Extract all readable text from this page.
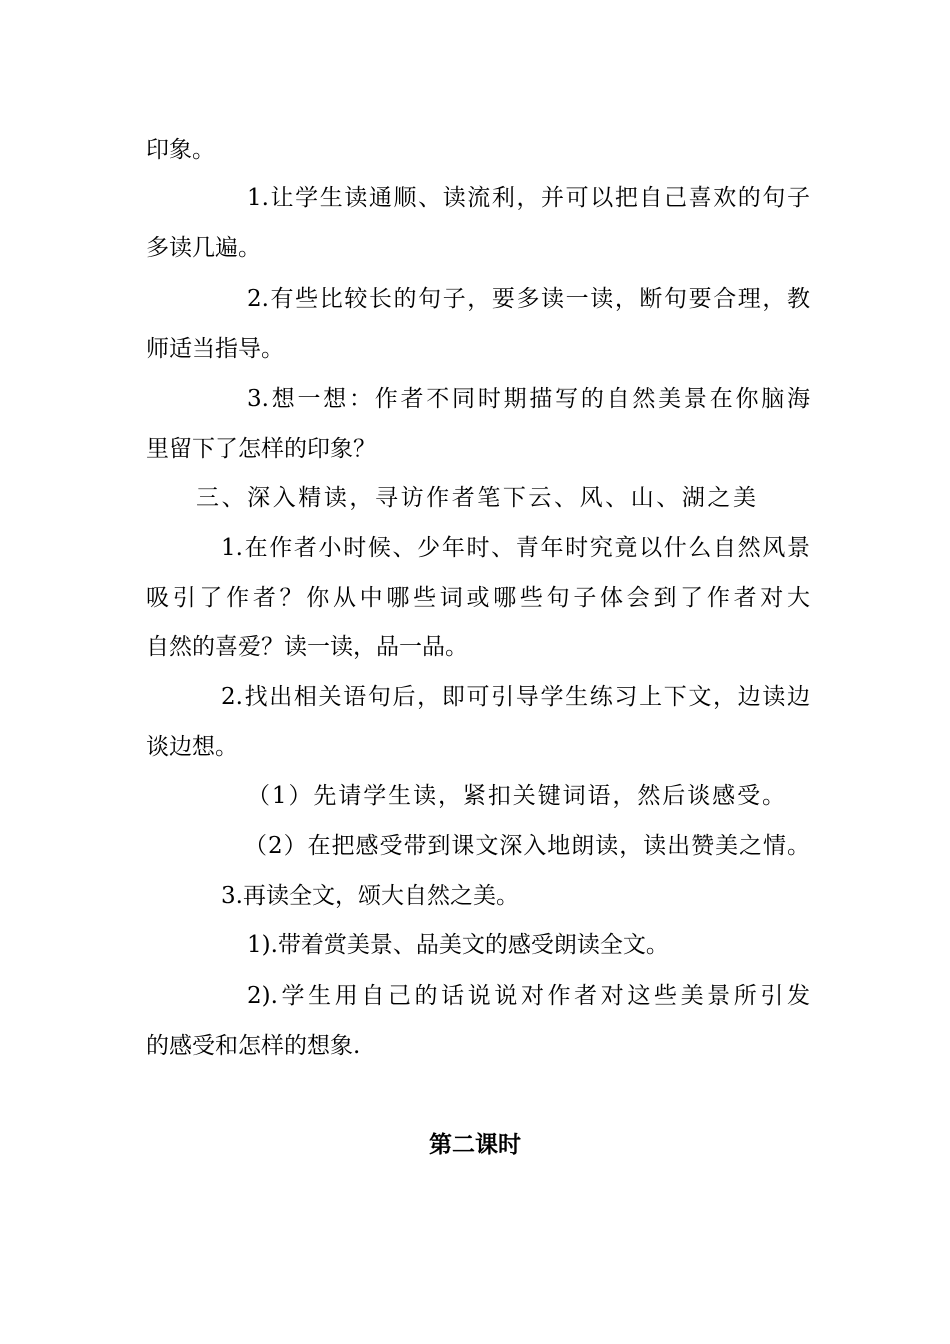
印象。
1.让学生读通顺、读流利，并可以把自己喜欢的句子
多读几遍。
2.有些比较长的句子，要多读一读，断句要合理，教
师适当指导。
3.想一想：作者不同时期描写的自然美景在你脑海
里留下了怎样的印象？
三、深入精读，寻访作者笔下云、风、山、湖之美
1.在作者小时候、少年时、青年时究竟以什么自然风景
吸引了作者？你从中哪些词或哪些句子体会到了作者对大
自然的喜爱？读一读，品一品。
2.找出相关语句后，即可引导学生练习上下文，边读边
谈边想。
（1）先请学生读，紧扣关键词语，然后谈感受。
（2）在把感受带到课文深入地朗读，读出赞美之情。
3.再读全文，颂大自然之美。
1).带着赏美景、品美文的感受朗读全文。
2).学生用自己的话说说对作者对这些美景所引发
的感受和怎样的想象.
第二课时
